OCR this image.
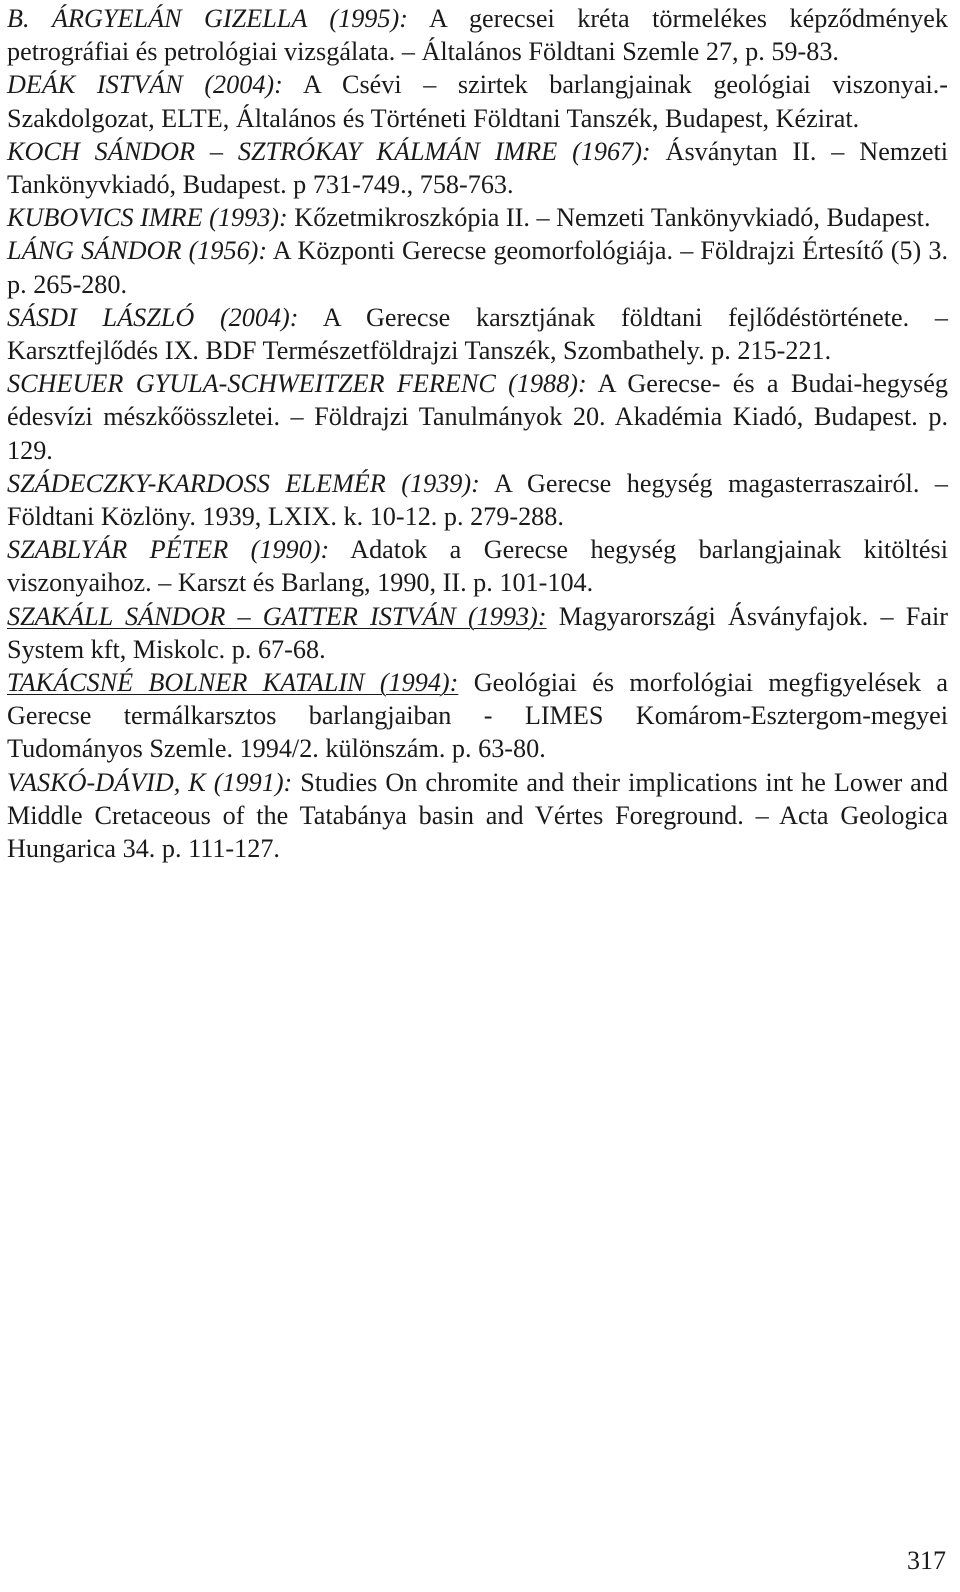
B. ÁRGYELÁN GIZELLA (1995): A gerecsei kréta törmelékes képződmények petrográfiai és petrológiai vizsgálata. – Általános Földtani Szemle 27, p. 59-83.
DEÁK ISTVÁN (2004): A Csévi – szirtek barlangjainak geológiai viszonyai.- Szakdolgozat, ELTE, Általános és Történeti Földtani Tanszék, Budapest, Kézirat.
KOCH SÁNDOR – SZTRÓKAY KÁLMÁN IMRE (1967): Ásványtan II. – Nemzeti Tankönyvkiadó, Budapest. p 731-749., 758-763.
KUBOVICS IMRE (1993): Kőzetmikroszkópia II. – Nemzeti Tankönyvkiadó, Budapest.
LÁNG SÁNDOR (1956): A Központi Gerecse geomorfológiája. – Földrajzi Értesítő (5) 3. p. 265-280.
SÁSDI LÁSZLÓ (2004): A Gerecse karsztjának földtani fejlődéstörténete. – Karsztfejlődés IX. BDF Természetföldrajzi Tanszék, Szombathely. p. 215-221.
SCHEUER GYULA-SCHWEITZER FERENC (1988): A Gerecse- és a Budai-hegység édesvízi mészkőösszletei. – Földrajzi Tanulmányok 20. Akadémia Kiadó, Budapest. p. 129.
SZÁDECZKY-KARDOSS ELEMÉR (1939): A Gerecse hegység magasterraszairól. – Földtani Közlöny. 1939, LXIX. k. 10-12. p. 279-288.
SZABLYÁR PÉTER (1990): Adatok a Gerecse hegység barlangjainak kitöltési viszonyaihoz. – Karszt és Barlang, 1990, II. p. 101-104.
SZAKÁLL SÁNDOR – GATTER ISTVÁN (1993): Magyarországi Ásványfajok. – Fair System kft, Miskolc. p. 67-68.
TAKÁCSNÉ BOLNER KATALIN (1994): Geológiai és morfológiai megfigyelések a Gerecse termálkarsztos barlangjaiban - LIMES Komárom-Esztergom-megyei Tudományos Szemle. 1994/2. különszám. p. 63-80.
VASKÓ-DÁVID, K (1991): Studies On chromite and their implications int he Lower and Middle Cretaceous of the Tatabánya basin and Vértes Foreground. – Acta Geologica Hungarica 34. p. 111-127.
317
